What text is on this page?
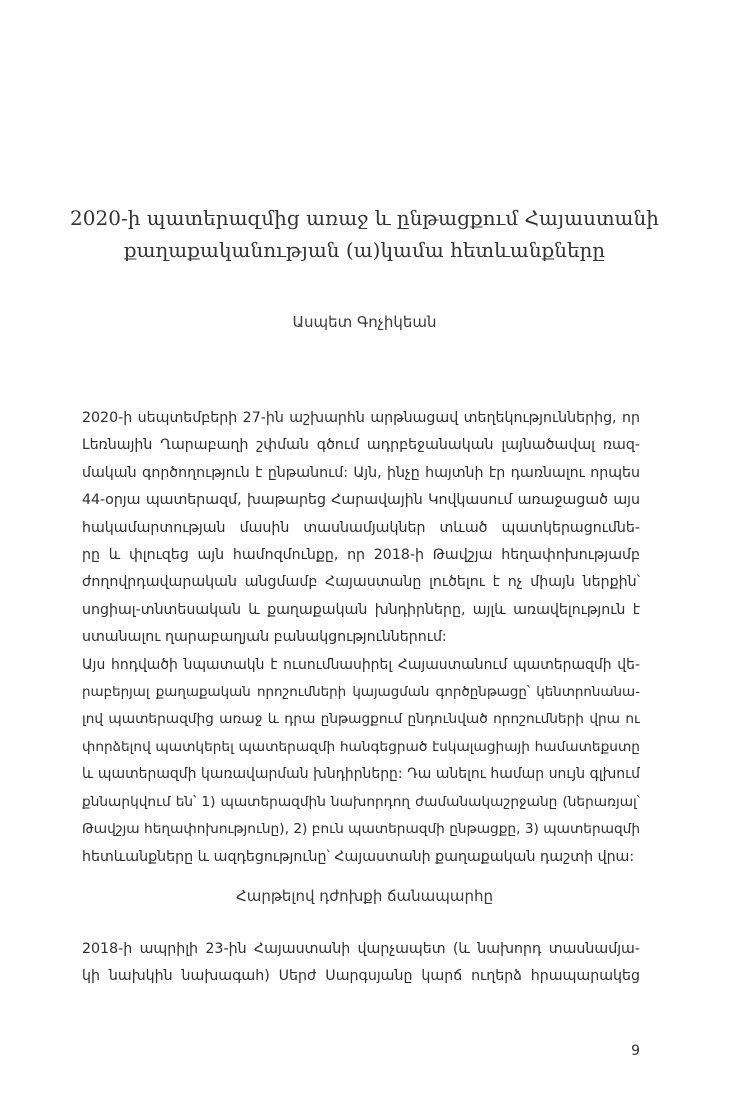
2020-ի պատերազմից առաջ և ընթացքում Հայաստանի
քաղաքականության (ա)կամա հետևանքները
Ասպետ Գոչիկեան
2020-ի սեպտեմբերի 27-ին աշխարհն արթնացավ տեղեկություններից, որ
Լեռնային Ղարաբաղի շփման գծում ադրբեջանական լայնածավալ ռազ-
մական գործողություն է ընթանում: Այն, ինչը հայտնի էր դառնալու որպես
44-օրյա պատերազմ, խաթարեց Հարավային Կովկասում առաջացած այս
հակամարտության մասին տասնամյակներ տևած պատկերացումնե-
րը և փլուզեց այն համոզմունքը, որ 2018-ի Թավշյա հեղափոխությամբ
ժողովրդավարական անցմամբ Հայաստանը լուծելու է ոչ միայն ներքին՝
սոցիալ-տնտեսական և քաղաքական խնդիրները, այլև առավելություն է
ստանալու ղարաբաղյան բանակցություններում:
Այս հոդվածի նպատակն է ուսումնասիրել Հայաստանում պատերազմի վե-
րաբերյալ քաղաքական որոշումների կայացման գործընթացը՝ կենտրոնանա-
լով պատերազմից առաջ և դրա ընթացքում ընդունված որոշումների վրա ու
փորձելով պատկերել պատերազմի հանգեցրած էսկալացիայի համատեքստը
և պատերազմի կառավարման խնդիրները: Դա անելու համար սույն գլխում
քննարկվում են՝ 1) պատերազմին նախորդող ժամանակաշրջանը (ներառյալ՝
Թավշյա հեղափոխությունը), 2) բուն պատերազմի ընթացքը, 3) պատերազմի
հետևանքները և ազդեցությունը՝ Հայաստանի քաղաքական դաշտի վրա:
Հարթելով դժոխքի ճանապարհը
2018-ի ապրիլի 23-ին Հայաստանի վարչապետ (և նախորդ տասնամյա-
կի նախկին նախագահ) Սերժ Սարգսյանը կարճ ուղերձ հրապարակեց
9
